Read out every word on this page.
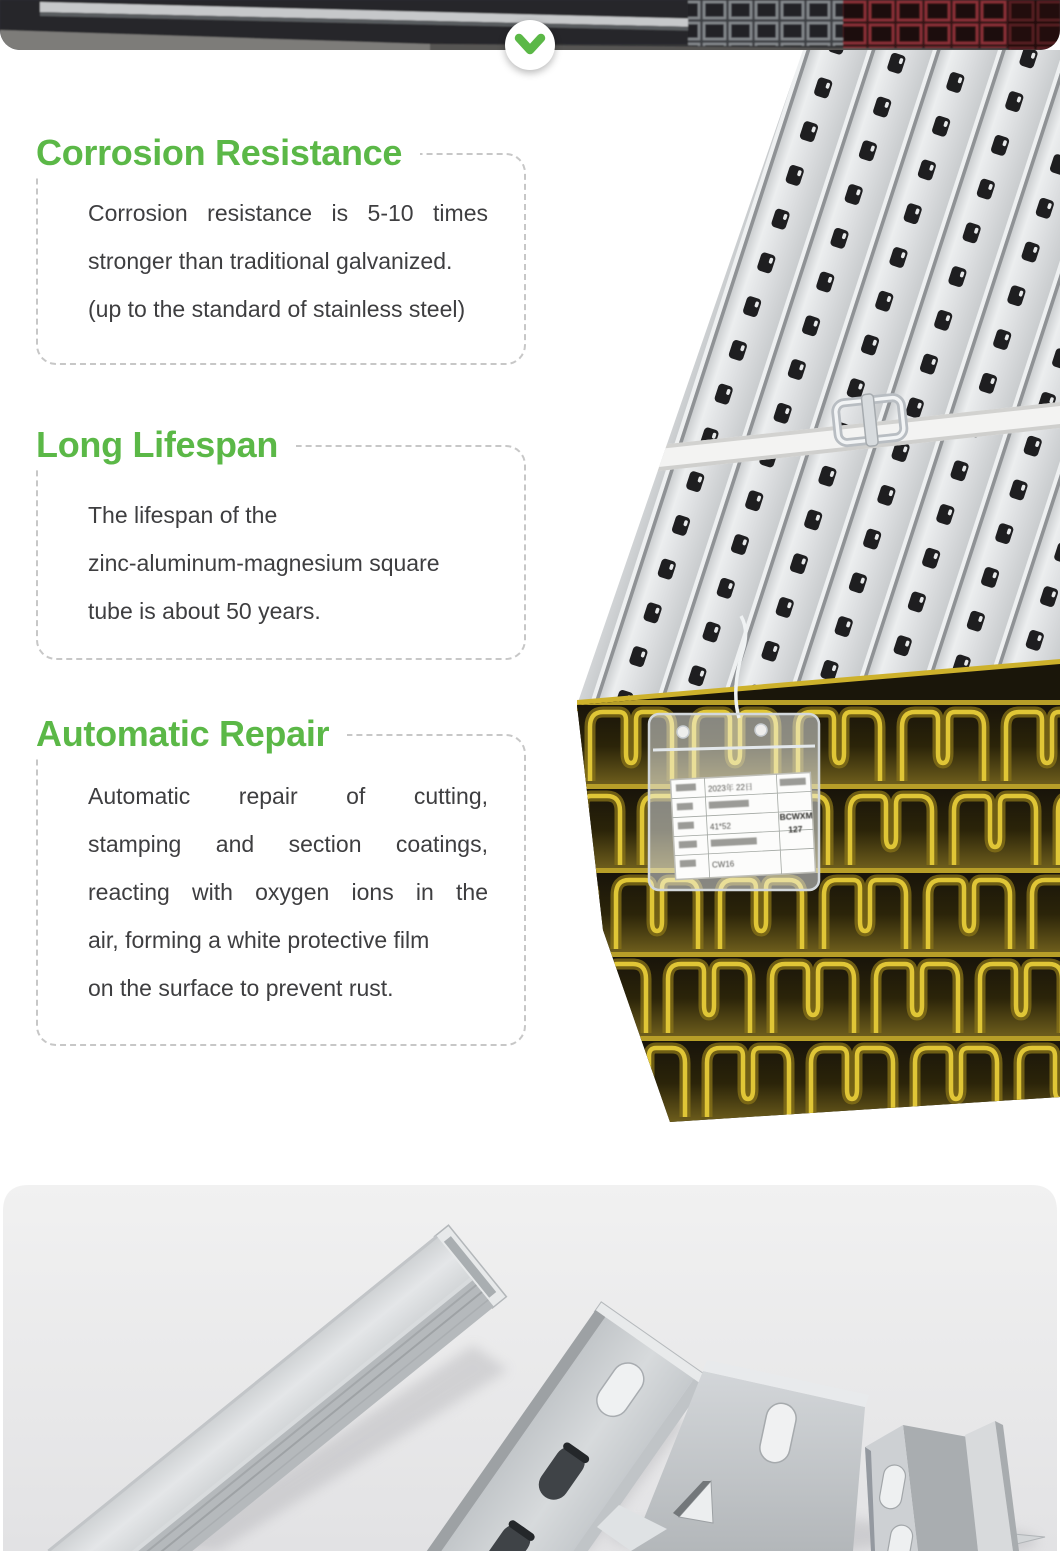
2023年 22日
41*52
CW16
BCWXM
127
Corrosion Resistance
Corrosion resistance is 5-10 times
stronger than traditional galvanized.
(up to the standard of stainless steel)
Long Lifespan
The lifespan of the
zinc-aluminum-magnesium square
tube is about 50 years.
Automatic Repair
Automatic repair of cutting,
stamping and section coatings,
reacting with oxygen ions in the
air, forming a white protective film
on the surface to prevent rust.
